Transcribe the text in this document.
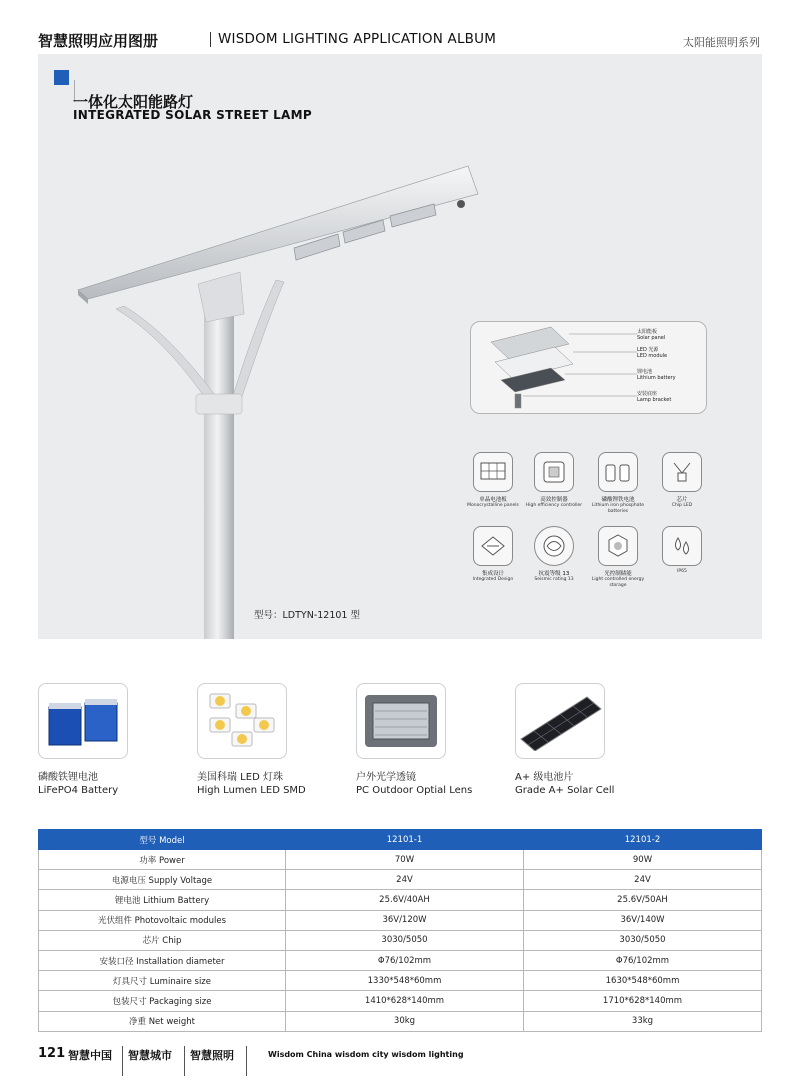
智慧照明应用图册	WISDOM LIGHTING APPLICATION ALBUM	太阳能照明系列
一体化太阳能路灯
INTEGRATED SOLAR STREET LAMP
型号：LDTYN-12101 型
太阳能板
Solar panel
LED 光源
LED module
锂电池
Lithium battery
安装底座
Lamp bracket
单晶电池板
Monocrystalline panels
高效控制器
High efficiency controller
磷酸锂铁电池
Lithium iron phosphate batteries
芯片
Chip LED
集成设计
Integrated Design
抗震等级 13
Seismic rating 13
光控制储能
Light controlled energy storage
IP65
磷酸铁锂电池
LiFePO4 Battery
美国科瑞 LED 灯珠
High Lumen LED SMD
户外光学透镜
PC Outdoor Optial Lens
A+ 级电池片
Grade A+ Solar Cell
型号 Model	12101-1	12101-2
功率 Power	70W	90W
电源电压 Supply Voltage	24V	24V
锂电池 Lithium Battery	25.6V/40AH	25.6V/50AH
光伏组件 Photovoltaic modules	36V/120W	36V/140W
芯片 Chip	3030/5050	3030/5050
安装口径 Installation diameter	Φ76/102mm	Φ76/102mm
灯具尺寸 Luminaire size	1330*548*60mm	1630*548*60mm
包装尺寸 Packaging size	1410*628*140mm	1710*628*140mm
净重 Net weight	30kg	33kg
121 智慧中国 智慧城市 智慧照明	Wisdom China wisdom city wisdom lighting
